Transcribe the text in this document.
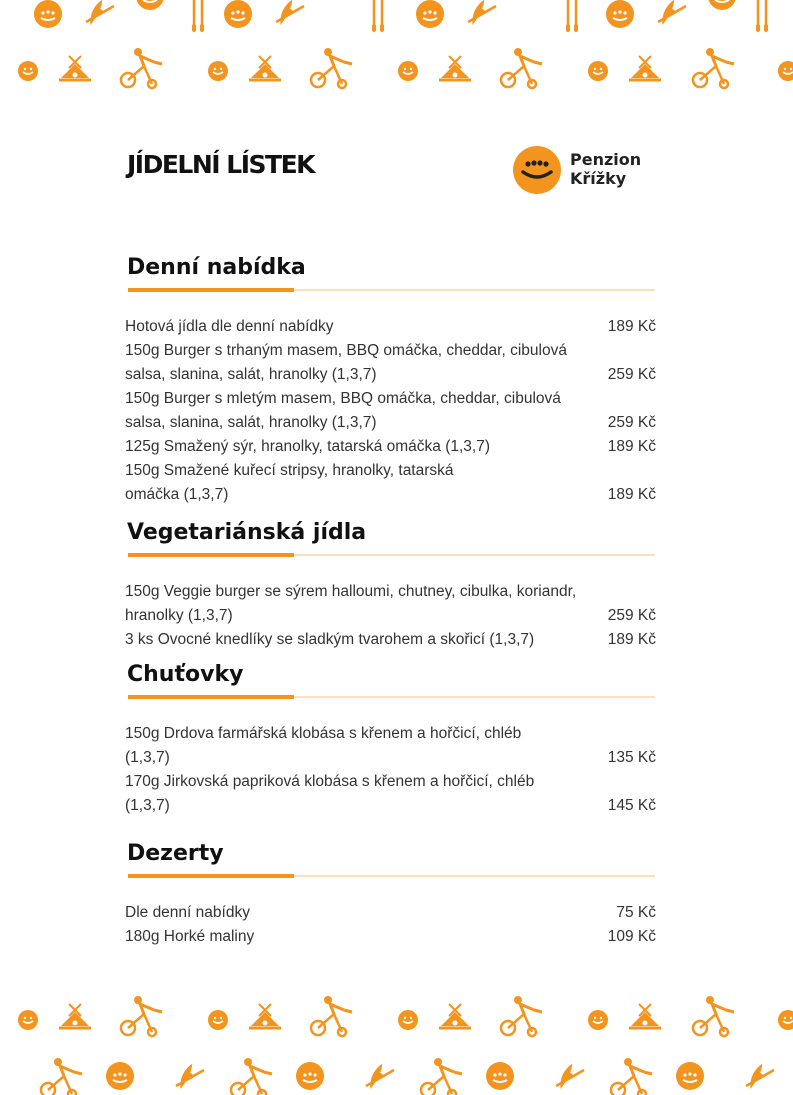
JÍDELNÍ LÍSTEK	Penzion
Křížky
Denní nabídka
Hotová jídla dle denní nabídky	189 Kč
150g Burger s trhaným masem, BBQ omáčka, cheddar, cibulová salsa, slanina, salát, hranolky (1,3,7)	259 Kč
150g Burger s mletým masem, BBQ omáčka, cheddar, cibulová salsa, slanina, salát, hranolky (1,3,7)	259 Kč
125g Smažený sýr, hranolky, tatarská omáčka (1,3,7)	189 Kč
150g Smažené kuřecí stripsy, hranolky, tatarská omáčka (1,3,7)	189 Kč
Vegetariánská jídla
150g Veggie burger se sýrem halloumi, chutney, cibulka, koriandr, hranolky (1,3,7)	259 Kč
3 ks Ovocné knedlíky se sladkým tvarohem a skořicí (1,3,7)	189 Kč
Chuťovky
150g Drdova farmářská klobása s křenem a hořčicí, chléb (1,3,7)	135 Kč
170g Jirkovská papriková klobása s křenem a hořčicí, chléb (1,3,7)	145 Kč
Dezerty
Dle denní nabídky	75 Kč
180g Horké maliny	109 Kč
